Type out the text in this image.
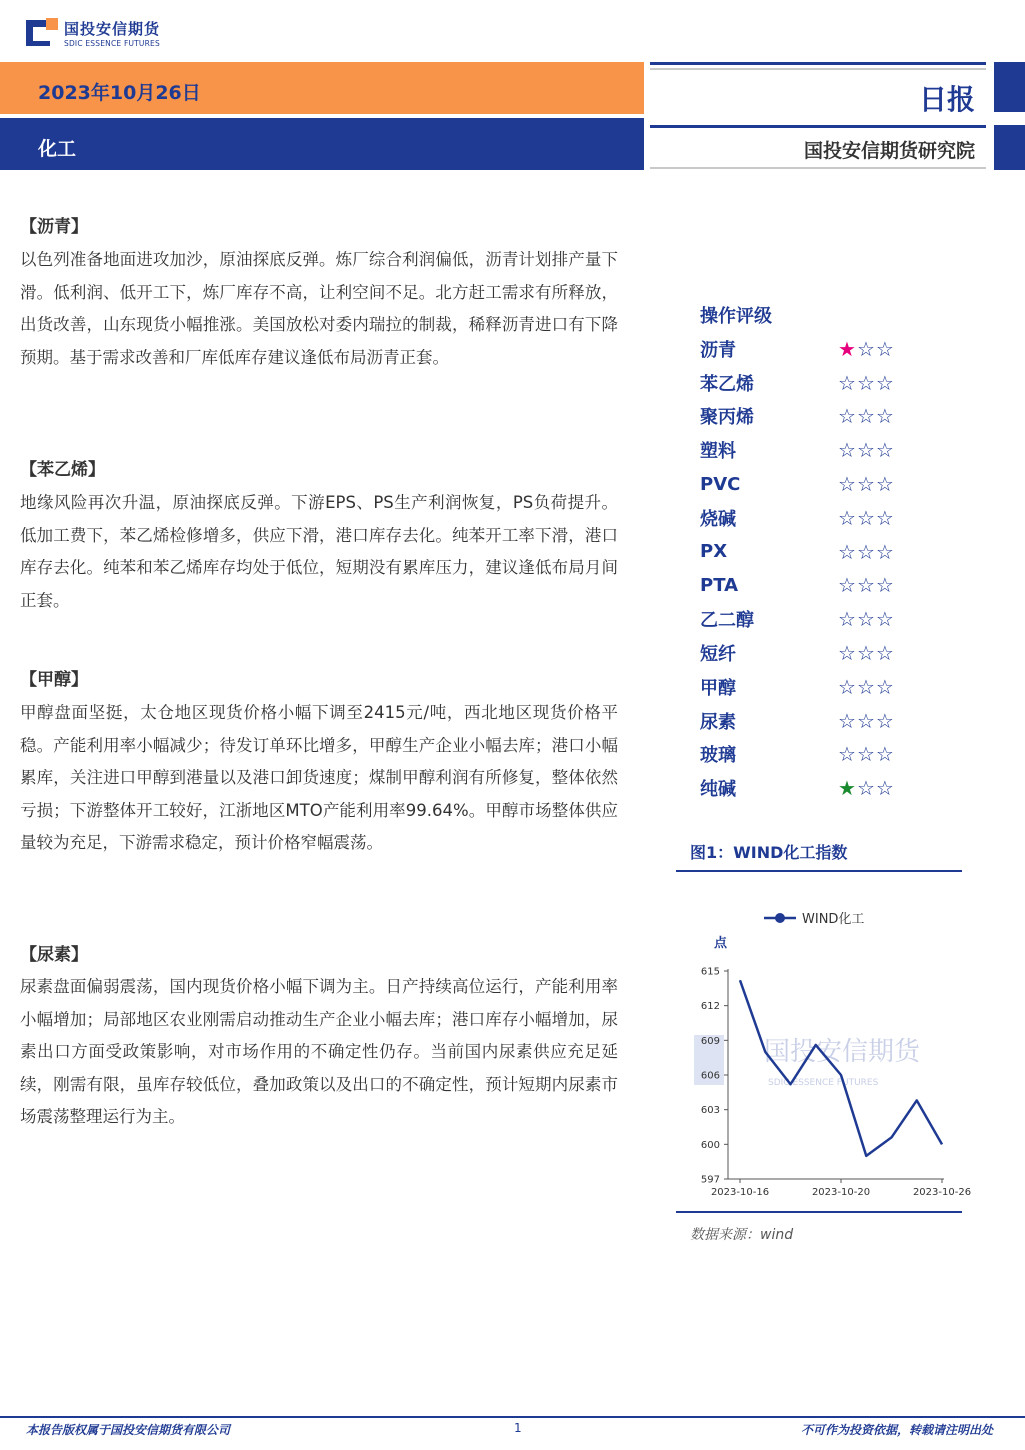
国投安信期货
SDIC ESSENCE FUTURES
2023年10月26日
化工
日报
国投安信期货研究院
【沥青】
以色列准备地面进攻加沙，原油探底反弹。炼厂综合利润偏低，沥青计划排产量下滑。低利润、低开工下，炼厂库存不高，让利空间不足。北方赶工需求有所释放，出货改善，山东现货小幅推涨。美国放松对委内瑞拉的制裁，稀释沥青进口有下降预期。基于需求改善和厂库低库存建议逢低布局沥青正套。
【苯乙烯】
地缘风险再次升温，原油探底反弹。下游EPS、PS生产利润恢复，PS负荷提升。低加工费下，苯乙烯检修增多，供应下滑，港口库存去化。纯苯开工率下滑，港口库存去化。纯苯和苯乙烯库存均处于低位，短期没有累库压力，建议逢低布局月间正套。
【甲醇】
甲醇盘面坚挺，太仓地区现货价格小幅下调至2415元/吨，西北地区现货价格平稳。产能利用率小幅减少；待发订单环比增多，甲醇生产企业小幅去库；港口小幅累库，关注进口甲醇到港量以及港口卸货速度；煤制甲醇利润有所修复，整体依然亏损；下游整体开工较好，江浙地区MTO产能利用率99.64%。甲醇市场整体供应量较为充足，下游需求稳定，预计价格窄幅震荡。
【尿素】
尿素盘面偏弱震荡，国内现货价格小幅下调为主。日产持续高位运行，产能利用率小幅增加；局部地区农业刚需启动推动生产企业小幅去库；港口库存小幅增加，尿素出口方面受政策影响，对市场作用的不确定性仍存。当前国内尿素供应充足延续，刚需有限，虽库存较低位，叠加政策以及出口的不确定性，预计短期内尿素市场震荡整理运行为主。
操作评级
沥青	★ ☆ ☆
苯乙烯	☆ ☆ ☆
聚丙烯	☆ ☆ ☆
塑料	☆ ☆ ☆
PVC	☆ ☆ ☆
烧碱	☆ ☆ ☆
PX	☆ ☆ ☆
PTA	☆ ☆ ☆
乙二醇	☆ ☆ ☆
短纤	☆ ☆ ☆
甲醇	☆ ☆ ☆
尿素	☆ ☆ ☆
玻璃	☆ ☆ ☆
纯碱	★ ☆ ☆
图1：WIND化工指数
国投安信期货
SDIC ESSENCE FUTURES
WIND化工
点
597
600
603
606
609
612
615
2023-10-16	2023-10-20	2023-10-26
数据来源：wind
本报告版权属于国投安信期货有限公司	1	不可作为投资依据，转载请注明出处
